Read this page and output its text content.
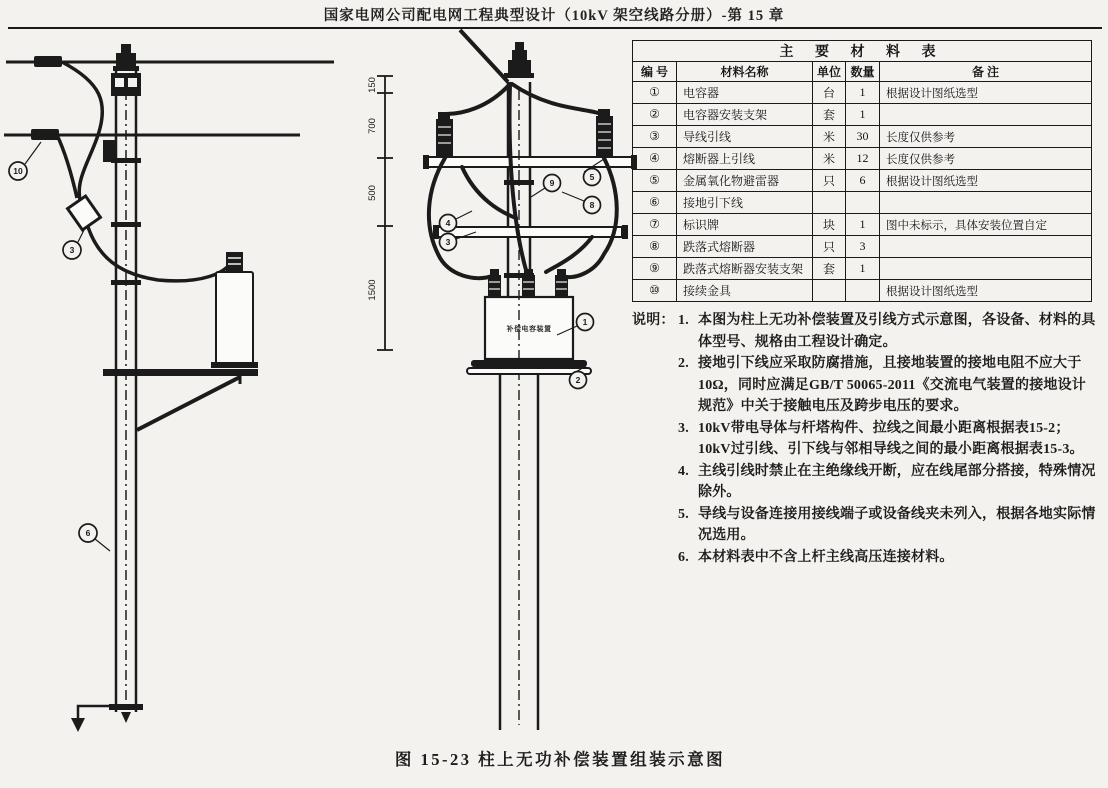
国家电网公司配电网工程典型设计（10kV 架空线路分册）-第 15 章
10
3
6
150
700
500
1500
补偿电容装置
4
3
9
5
8
1
2
主 要 材 料 表				
编 号	材料名称	单位	数量	备 注
①	电容器	台	1	根据设计图纸选型
②	电容器安装支架	套	1	
③	导线引线	米	30	长度仅供参考
④	熔断器上引线	米	12	长度仅供参考
⑤	金属氧化物避雷器	只	6	根据设计图纸选型
⑥	接地引下线			
⑦	标识牌	块	1	图中未标示，具体安装位置自定
⑧	跌落式熔断器	只	3	
⑨	跌落式熔断器安装支架	套	1	
⑩	接续金具			根据设计图纸选型
说明： 1. 本图为柱上无功补偿装置及引线方式示意图，各设备、材料的具体型号、规格由工程设计确定。
2. 接地引下线应采取防腐措施，且接地装置的接地电阻不应大于10Ω，同时应满足GB/T 50065-2011《交流电气装置的接地设计规范》中关于接触电压及跨步电压的要求。
3. 10kV带电导体与杆塔构件、拉线之间最小距离根据表15-2；10kV过引线、引下线与邻相导线之间的最小距离根据表15-3。
4. 主线引线时禁止在主绝缘线开断，应在线尾部分搭接，特殊情况除外。
5. 导线与设备连接用接线端子或设备线夹未列入，根据各地实际情况选用。
6. 本材料表中不含上杆主线高压连接材料。
图 15-23 柱上无功补偿装置组装示意图
